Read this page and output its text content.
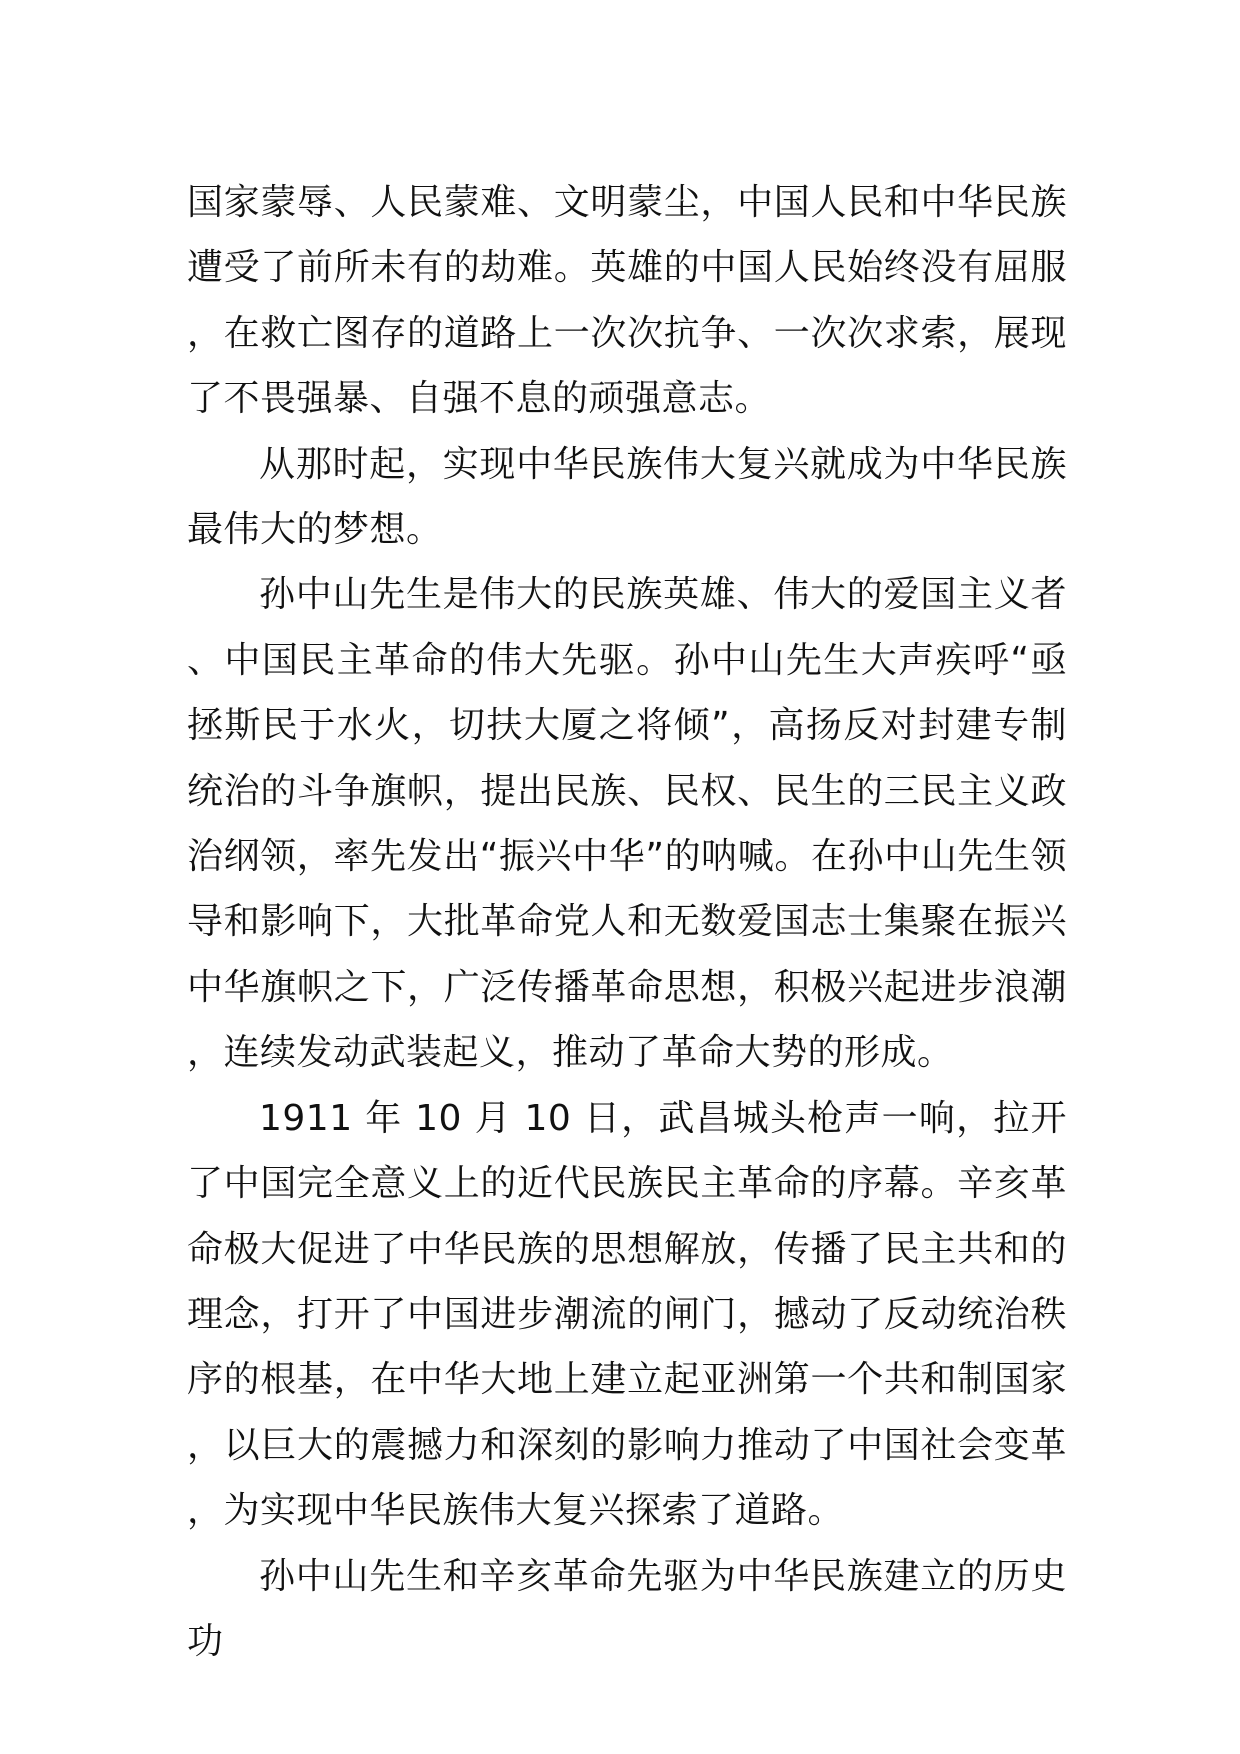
国家蒙辱、人民蒙难、文明蒙尘，中国人民和中华民族遭受了前所未有的劫难。英雄的中国人民始终没有屈服，在救亡图存的道路上一次次抗争、一次次求索，展现了不畏强暴、自强不息的顽强意志。

从那时起，实现中华民族伟大复兴就成为中华民族最伟大的梦想。

孙中山先生是伟大的民族英雄、伟大的爱国主义者、中国民主革命的伟大先驱。孙中山先生大声疾呼“亟拯斯民于水火，切扶大厦之将倾”，高扬反对封建专制统治的斗争旗帜，提出民族、民权、民生的三民主义政治纲领，率先发出“振兴中华”的呐喊。在孙中山先生领导和影响下，大批革命党人和无数爱国志士集聚在振兴中华旗帜之下，广泛传播革命思想，积极兴起进步浪潮，连续发动武装起义，推动了革命大势的形成。

1911 年 10 月 10 日，武昌城头枪声一响，拉开了中国完全意义上的近代民族民主革命的序幕。辛亥革命极大促进了中华民族的思想解放，传播了民主共和的理念，打开了中国进步潮流的闸门，撼动了反动统治秩序的根基，在中华大地上建立起亚洲第一个共和制国家，以巨大的震撼力和深刻的影响力推动了中国社会变革，为实现中华民族伟大复兴探索了道路。

孙中山先生和辛亥革命先驱为中华民族建立的历史功
